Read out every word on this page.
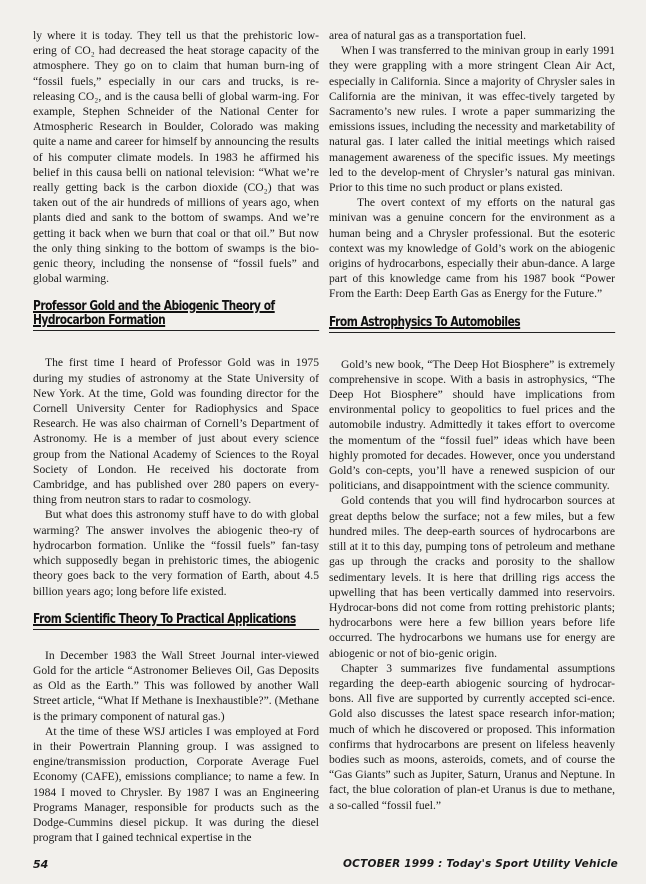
ly where it is today. They tell us that the prehistoric low-ering of CO₂ had decreased the heat storage capacity of the atmosphere. They go on to claim that human burn-ing of “fossil fuels,” especially in our cars and trucks, is re-releasing CO₂, and is the causa belli of global warm-ing. For example, Stephen Schneider of the National Center for Atmospheric Research in Boulder, Colorado was making quite a name and career for himself by announcing the results of his computer climate models. In 1983 he affirmed his belief in this causa belli on national television: “What we’re really getting back is the carbon dioxide (CO₂) that was taken out of the air hundreds of millions of years ago, when plants died and sank to the bottom of swamps. And we’re getting it back when we burn that coal or that oil.” But now the only thing sinking to the bottom of swamps is the bio-genic theory, including the nonsense of “fossil fuels” and global warming.

Professor Gold and the Abiogenic Theory of Hydrocarbon Formation

The first time I heard of Professor Gold was in 1975 during my studies of astronomy at the State University of New York. At the time, Gold was founding director for the Cornell University Center for Radiophysics and Space Research. He was also chairman of Cornell’s Department of Astronomy. He is a member of just about every science group from the National Academy of Sciences to the Royal Society of London. He received his doctorate from Cambridge, and has published over 280 papers on every-thing from neutron stars to radar to cosmology.

But what does this astronomy stuff have to do with global warming? The answer involves the abiogenic theo-ry of hydrocarbon formation. Unlike the “fossil fuels” fan-tasy which supposedly began in prehistoric times, the abiogenic theory goes back to the very formation of Earth, about 4.5 billion years ago; long before life existed.

From Scientific Theory To Practical Applications

In December 1983 the Wall Street Journal inter-viewed Gold for the article “Astronomer Believes Oil, Gas Deposits as Old as the Earth.” This was followed by another Wall Street article, “What If Methane is Inexhaustible?”. (Methane is the primary component of natural gas.)

At the time of these WSJ articles I was employed at Ford in their Powertrain Planning group. I was assigned to engine/transmission production, Corporate Average Fuel Economy (CAFE), emissions compliance; to name a few. In 1984 I moved to Chrysler. By 1987 I was an Engineering Programs Manager, responsible for products such as the Dodge-Cummins diesel pickup. It was during the diesel program that I gained technical expertise in the

area of natural gas as a transportation fuel.

When I was transferred to the minivan group in early 1991 they were grappling with a more stringent Clean Air Act, especially in California. Since a majority of Chrysler sales in California are the minivan, it was effec-tively targeted by Sacramento’s new rules. I wrote a paper summarizing the emissions issues, including the necessity and marketability of natural gas. I later called the initial meetings which raised management awareness of the specific issues. My meetings led to the develop-ment of Chrysler’s natural gas minivan. Prior to this time no such product or plans existed.

The overt context of my efforts on the natural gas minivan was a genuine concern for the environment as a human being and a Chrysler professional. But the esoteric context was my knowledge of Gold’s work on the abiogenic origins of hydrocarbons, especially their abun-dance. A large part of this knowledge came from his 1987 book “Power From the Earth: Deep Earth Gas as Energy for the Future.”

From Astrophysics To Automobiles

Gold’s new book, “The Deep Hot Biosphere” is extremely comprehensive in scope. With a basis in astrophysics, “The Deep Hot Biosphere” should have implications from environmental policy to geopolitics to fuel prices and the automobile industry. Admittedly it takes effort to overcome the momentum of the “fossil fuel” ideas which have been highly promoted for decades. However, once you understand Gold’s con-cepts, you’ll have a renewed suspicion of our politicians, and disappointment with the science community.

Gold contends that you will find hydrocarbon sources at great depths below the surface; not a few miles, but a few hundred miles. The deep-earth sources of hydrocarbons are still at it to this day, pumping tons of petroleum and methane gas up through the cracks and porosity to the shallow sedimentary levels. It is here that drilling rigs access the upwelling that has been vertically dammed into reservoirs. Hydrocar-bons did not come from rotting prehistoric plants; hydrocarbons were here a few billion years before life occurred. The hydrocarbons we humans use for energy are abiogenic or not of bio-genic origin.

Chapter 3 summarizes five fundamental assumptions regarding the deep-earth abiogenic sourcing of hydrocar-bons. All five are supported by currently accepted sci-ence. Gold also discusses the latest space research infor-mation; much of which he discovered or proposed. This information confirms that hydrocarbons are present on lifeless heavenly bodies such as moons, asteroids, comets, and of course the “Gas Giants” such as Jupiter, Saturn, Uranus and Neptune. In fact, the blue coloration of plan-et Uranus is due to methane, a so-called “fossil fuel.”

54	OCTOBER 1999 : Today's Sport Utility Vehicle
